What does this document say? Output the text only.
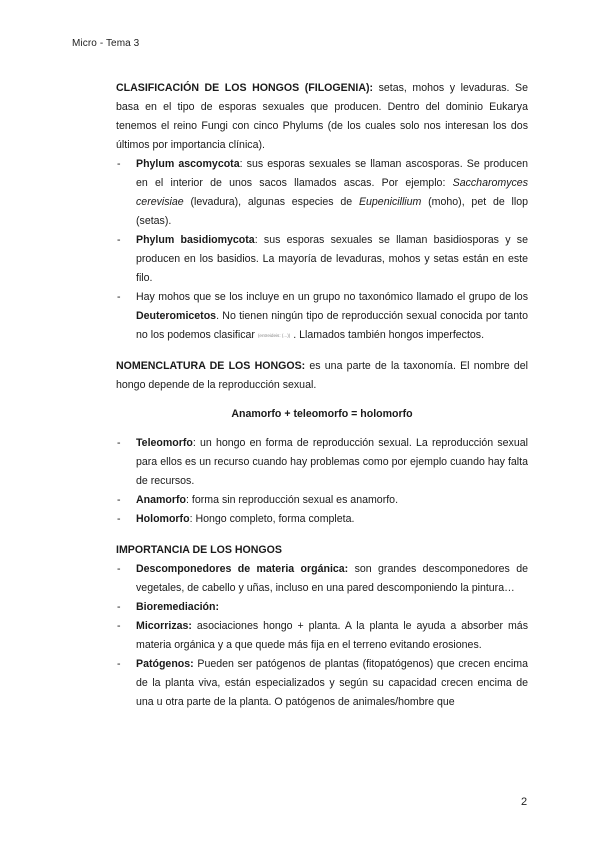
Micro - Tema 3

CLASIFICACIÓN DE LOS HONGOS (FILOGENIA): setas, mohos y levaduras. Se basa en el tipo de esporas sexuales que producen. Dentro del dominio Eukarya tenemos el reino Fungi con cinco Phylums (de los cuales solo nos interesan los dos últimos por importancia clínica).

- Phylum ascomycota: sus esporas sexuales se llaman ascosporas. Se producen en el interior de unos sacos llamados ascas. Por ejemplo: Saccharomyces cerevisiae (levadura), algunas especies de Eupenicillium (moho), pet de llop (setas).
- Phylum basidiomycota: sus esporas sexuales se llaman basidiosporas y se producen en los basidios. La mayoría de levaduras, mohos y setas están en este filo.
- Hay mohos que se los incluye en un grupo no taxonómico llamado el grupo de los Deuteromicetos. No tienen ningún tipo de reproducción sexual conocida por tanto no los podemos clasificar (entreideis: (...)) . Llamados también hongos imperfectos.

NOMENCLATURA DE LOS HONGOS: es una parte de la taxonomía. El nombre del hongo depende de la reproducción sexual.

Anamorfo + teleomorfo = holomorfo

- Teleomorfo: un hongo en forma de reproducción sexual. La reproducción sexual para ellos es un recurso cuando hay problemas como por ejemplo cuando hay falta de recursos.
- Anamorfo: forma sin reproducción sexual es anamorfo.
- Holomorfo: Hongo completo, forma completa.

IMPORTANCIA DE LOS HONGOS

- Descomponedores de materia orgánica: son grandes descomponedores de vegetales, de cabello y uñas, incluso en una pared descomponiendo la pintura…
- Bioremediación:
- Micorrizas: asociaciones hongo + planta. A la planta le ayuda a absorber más materia orgánica y a que quede más fija en el terreno evitando erosiones.
- Patógenos: Pueden ser patógenos de plantas (fitopatógenos) que crecen encima de la planta viva, están especializados y según su capacidad crecen encima de una u otra parte de la planta. O patógenos de animales/hombre que
2
